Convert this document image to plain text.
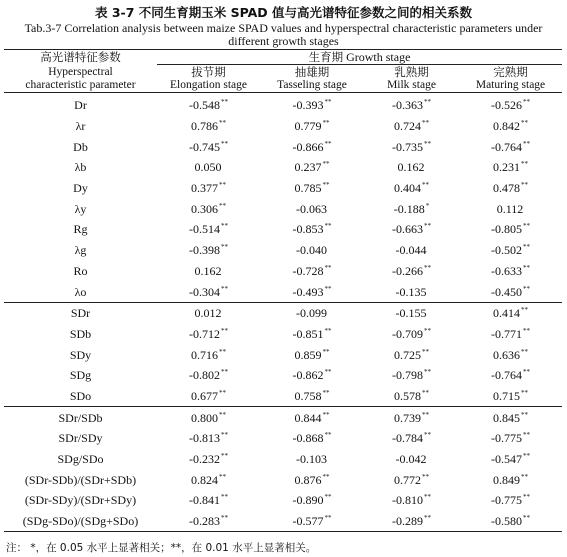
表 3-7 不同生育期玉米 SPAD 值与高光谱特征参数之间的相关系数
Tab.3-7 Correlation analysis between maize SPAD values and hyperspectral characteristic parameters under different growth stages
高光谱特征参数	生育期 Growth stage			
Hyperspectral	拔节期	抽雄期	乳熟期	完熟期
characteristic parameter	Elongation stage	Tasseling stage	Milk stage	Maturing stage
Dr	-0.548**	-0.393**	-0.363**	-0.526**
λr	0.786**	0.779**	0.724**	0.842**
Db	-0.745**	-0.866**	-0.735**	-0.764**
λb	0.050	0.237**	0.162	0.231**
Dy	0.377**	0.785**	0.404**	0.478**
λy	0.306**	-0.063	-0.188*	0.112
Rg	-0.514**	-0.853**	-0.663**	-0.805**
λg	-0.398**	-0.040	-0.044	-0.502**
Ro	0.162	-0.728**	-0.266**	-0.633**
λo	-0.304**	-0.493**	-0.135	-0.450**
SDr	0.012	-0.099	-0.155	0.414**
SDb	-0.712**	-0.851**	-0.709**	-0.771**
SDy	0.716**	0.859**	0.725**	0.636**
SDg	-0.802**	-0.862**	-0.798**	-0.764**
SDo	0.677**	0.758**	0.578**	0.715**
SDr/SDb	0.800**	0.844**	0.739**	0.845**
SDr/SDy	-0.813**	-0.868**	-0.784**	-0.775**
SDg/SDo	-0.232**	-0.103	-0.042	-0.547**
(SDr-SDb)/(SDr+SDb)	0.824**	0.876**	0.772**	0.849**
(SDr-SDy)/(SDr+SDy)	-0.841**	-0.890**	-0.810**	-0.775**
(SDg-SDo)/(SDg+SDo)	-0.283**	-0.577**	-0.289**	-0.580**
注： *，在 0.05 水平上显著相关；**，在 0.01 水平上显著相关。
